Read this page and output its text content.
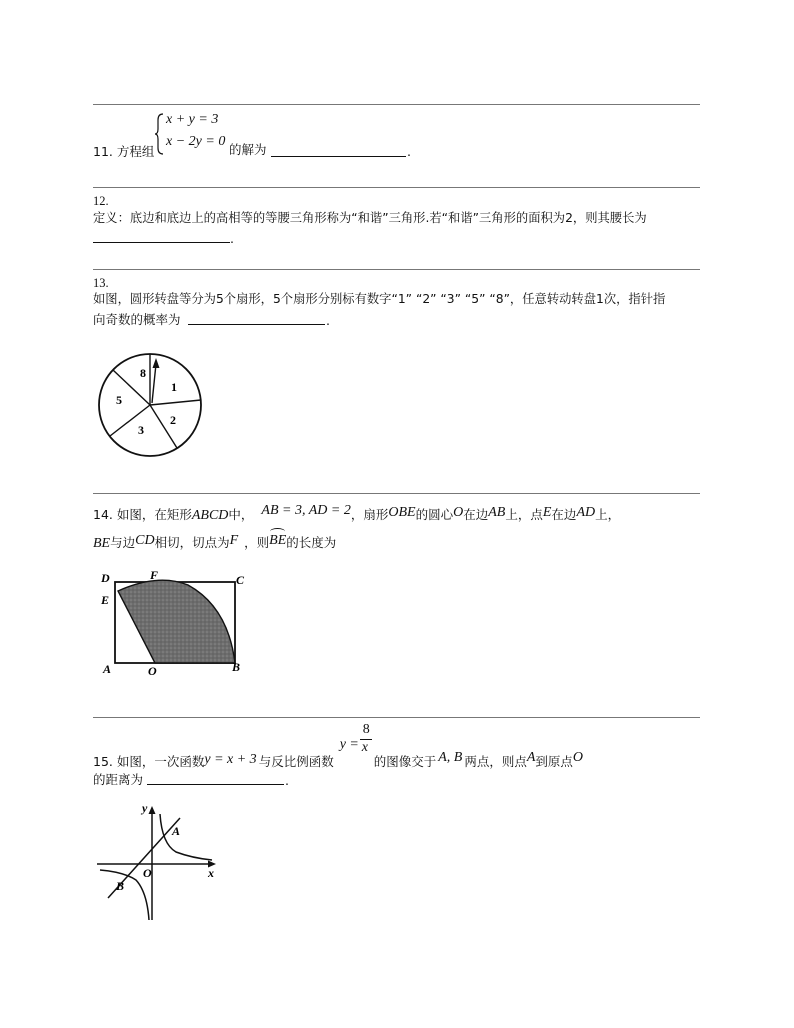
11. 方程组
x + y = 3
x − 2y = 0
的解为	.
12.
定义：底边和底边上的高相等的等腰三角形称为“和谐”三角形.若“和谐”三角形的面积为2，则其腰长为
.
13.
如图，圆形转盘等分为5个扇形，5个扇形分别标有数字“1” “2” “3” “5” “8”，任意转动转盘1次，指针指
向奇数的概率为	.
8
1
2
3
5
14. 如图，在矩形ABCD中， AB = 3, AD = 2，扇形OBE的圆心O在边AB上，点E在边AD上，
BE与边CD相切，切点为F ，则
BE的长度为
D	F	C
E
A	O	B
15. 如图，一次函数y = x + 3 与反比例函数
y =
8
x
的图像交于 A, B 两点，则点A到原点O
的距离为	.
y
A
O
B
x
